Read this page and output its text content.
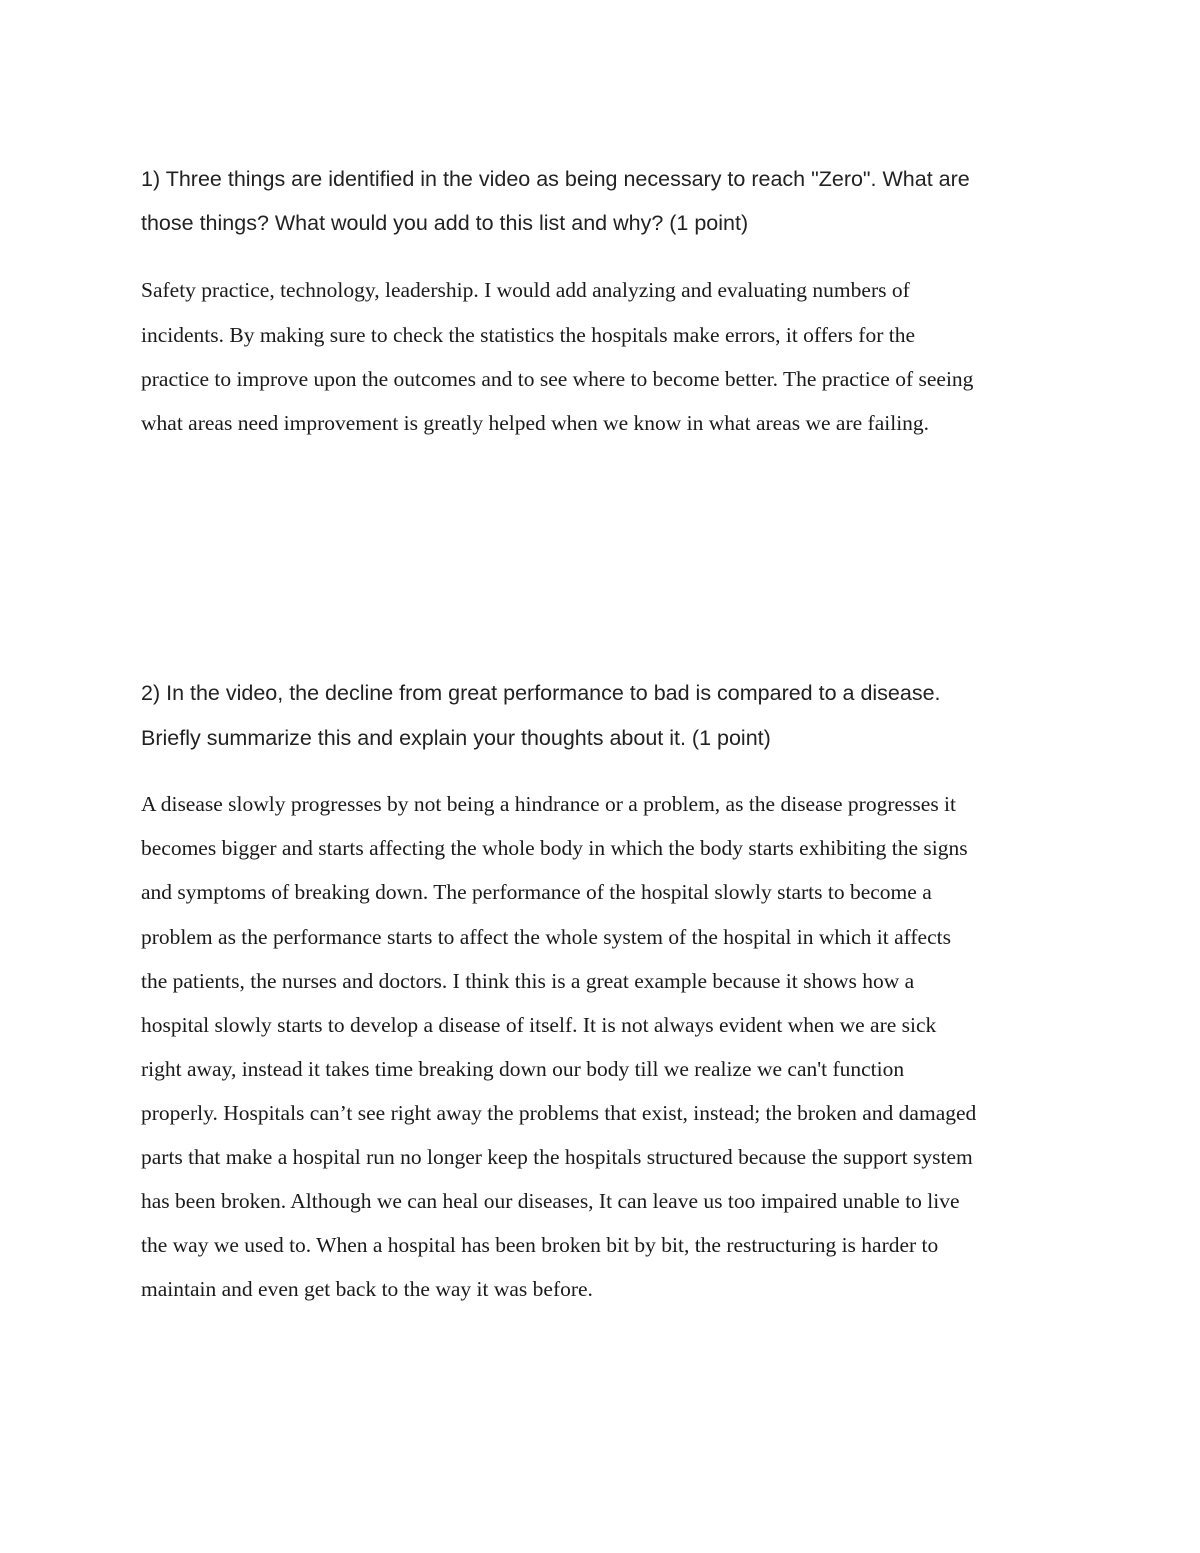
1) Three things are identified in the video as being necessary to reach "Zero". What are
those things? What would you add to this list and why? (1 point)
Safety practice, technology, leadership. I would add analyzing and evaluating numbers of
incidents. By making sure to check the statistics the hospitals make errors, it offers for the
practice to improve upon the outcomes and to see where to become better. The practice of seeing
what areas need improvement is greatly helped when we know in what areas we are failing.
2) In the video, the decline from great performance to bad is compared to a disease.
Briefly summarize this and explain your thoughts about it. (1 point)
A disease slowly progresses by not being a hindrance or a problem, as the disease progresses it
becomes bigger and starts affecting the whole body in which the body starts exhibiting the signs
and symptoms of breaking down. The performance of the hospital slowly starts to become a
problem as the performance starts to affect the whole system of the hospital in which it affects
the patients, the nurses and doctors. I think this is a great example because it shows how a
hospital slowly starts to develop a disease of itself. It is not always evident when we are sick
right away, instead it takes time breaking down our body till we realize we can't function
properly. Hospitals can’t see right away the problems that exist, instead; the broken and damaged
parts that make a hospital run no longer keep the hospitals structured because the support system
has been broken. Although we can heal our diseases, It can leave us too impaired unable to live
the way we used to. When a hospital has been broken bit by bit, the restructuring is harder to
maintain and even get back to the way it was before.
